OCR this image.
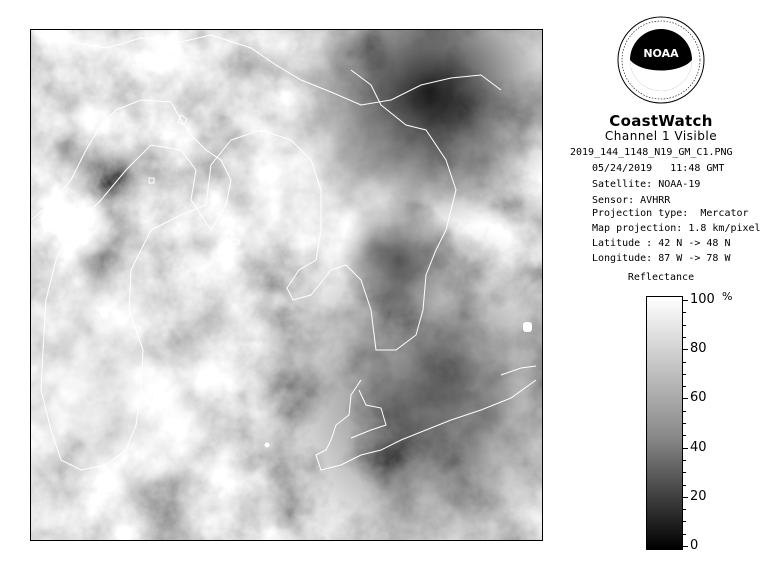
NOAA
CoastWatch
Channel 1 Visible
2019_144_1148_N19_GM_C1.PNG
05/24/2019   11:48 GMT
Satellite: NOAA-19
Sensor: AVHRR
Projection type:  Mercator
Map projection: 1.8 km/pixel
Latitude : 42 N -> 48 N
Longitude: 87 W -> 78 W
Reflectance
%
100
80
60
40
20
0
